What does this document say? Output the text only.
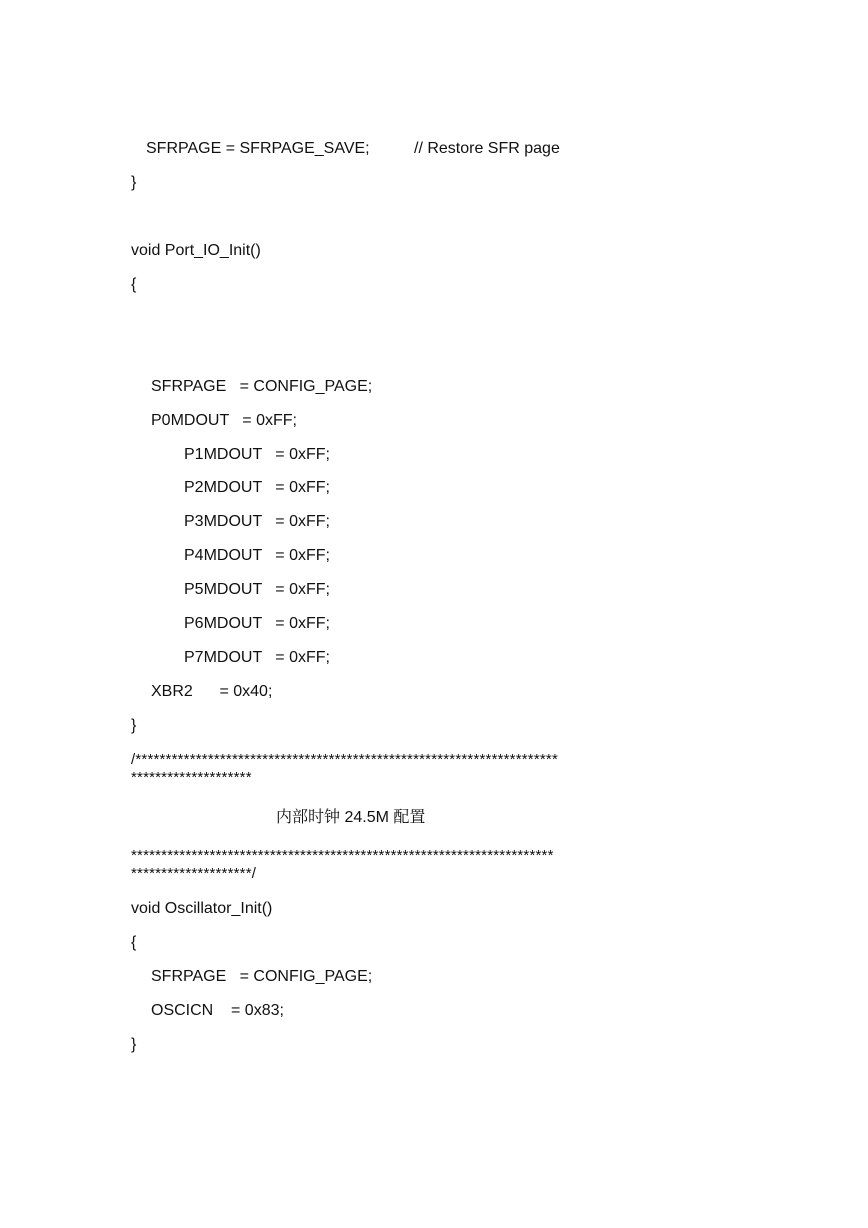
SFRPAGE = SFRPAGE_SAVE;	// Restore SFR page
}
void Port_IO_Init()
{
SFRPAGE   = CONFIG_PAGE;
P0MDOUT   = 0xFF;
P1MDOUT   = 0xFF;
P2MDOUT   = 0xFF;
P3MDOUT   = 0xFF;
P4MDOUT   = 0xFF;
P5MDOUT   = 0xFF;
P6MDOUT   = 0xFF;
P7MDOUT   = 0xFF;
XBR2      = 0x40;
}
/**********************************************************************
********************
内部时钟 24.5M 配置
**********************************************************************
********************/
void Oscillator_Init()
{
SFRPAGE   = CONFIG_PAGE;
OSCICN    = 0x83;
}
